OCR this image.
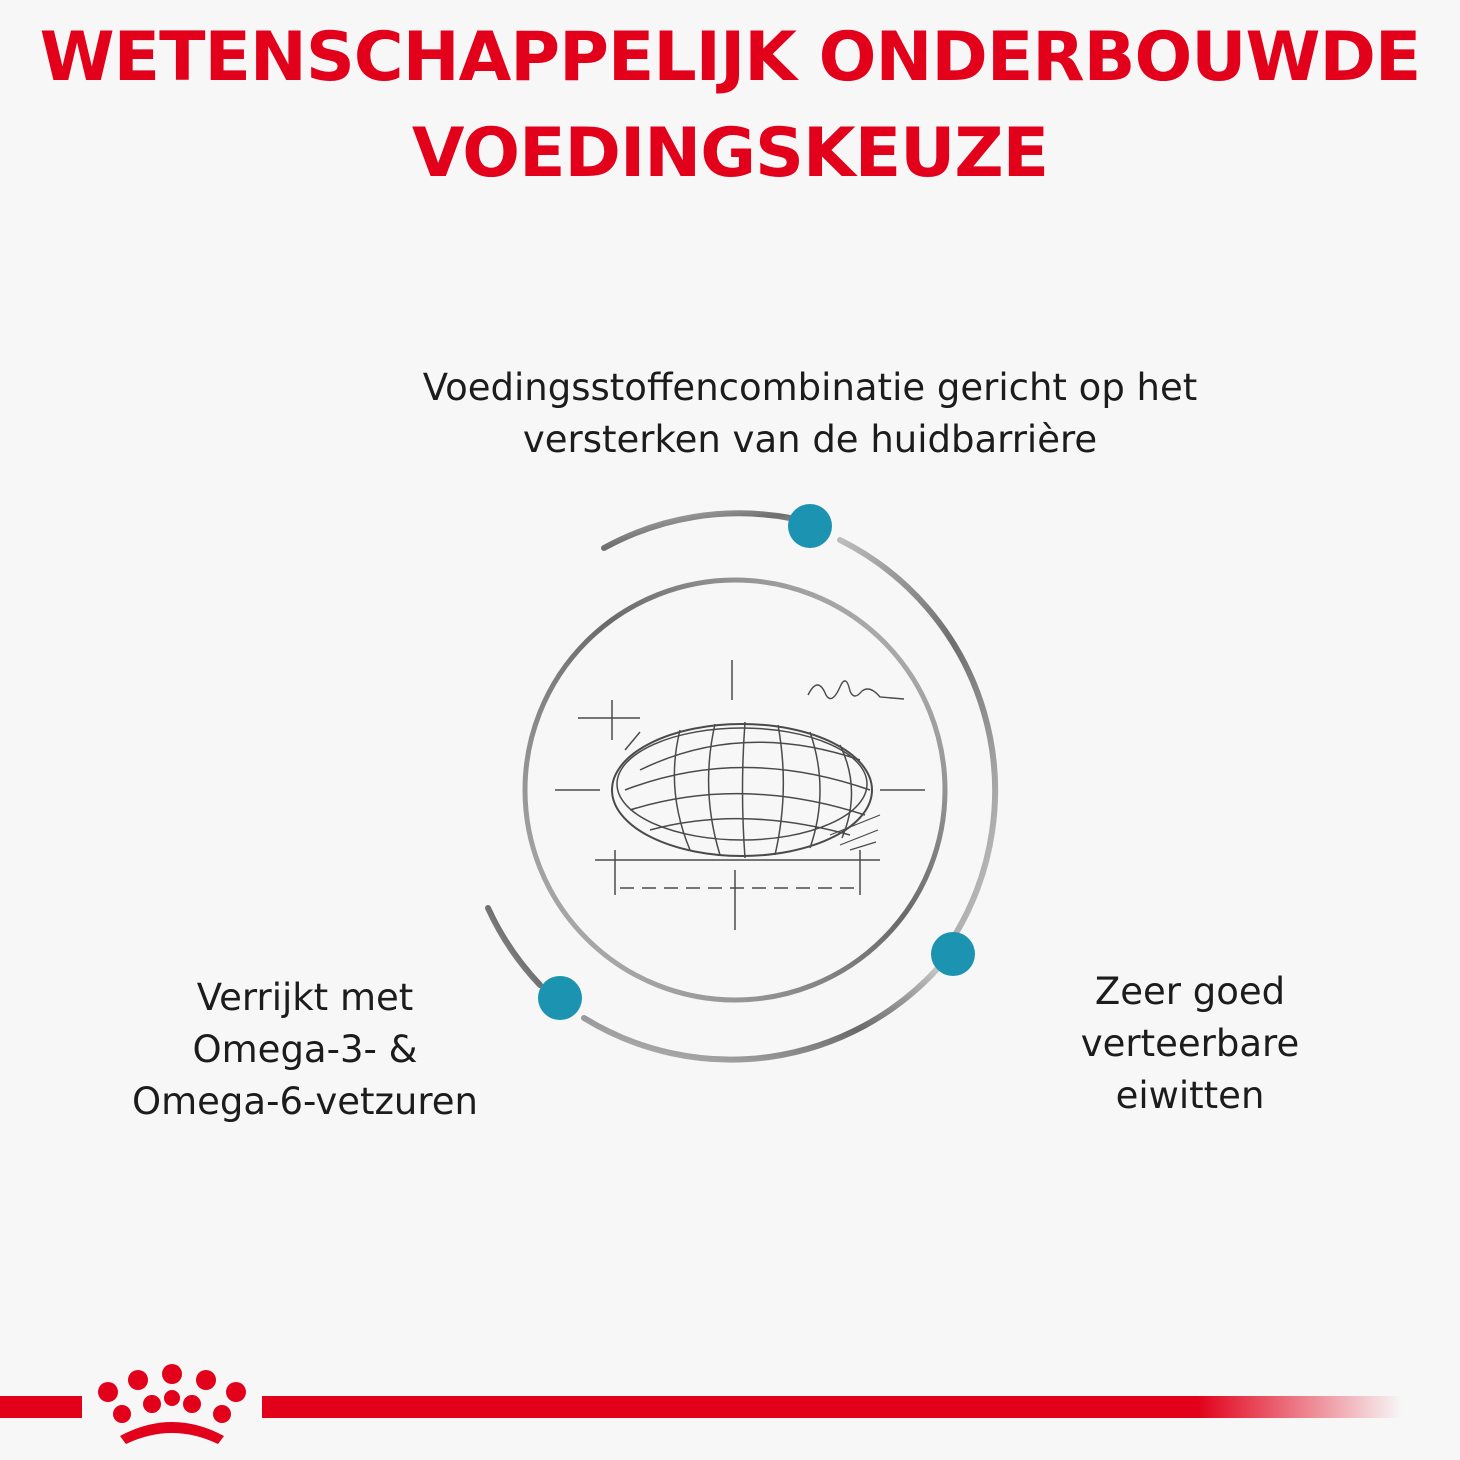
WETENSCHAPPELIJK ONDERBOUWDE
VOEDINGSKEUZE
Voedingsstoffencombinatie gericht op het
versterken van de huidbarrière
Verrijkt met
Omega-3- &
Omega-6-vetzuren
Zeer goed
verteerbare
eiwitten
